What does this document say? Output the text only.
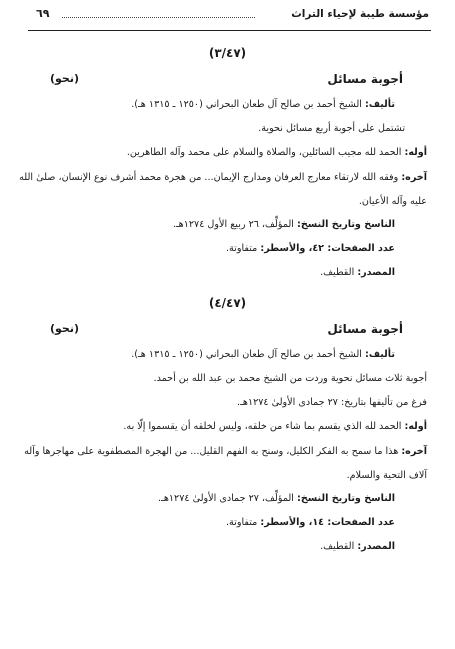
مؤسسة طيبة لإحياء التراث
٦٩
(٣/٤٧)
أجوبة مسائل
(نحو)
تأليف: الشيخ أحمد بن صالح آل طعان البحراني (١٢٥٠ ـ ١٣١٥ هـ).
تشتمل على أجوبة أربع مسائل نحوية.
أوله: الحمد لله مجيب السائلين، والصلاة والسلام على محمد وآله الطاهرين.
آخره: وفقه الله لارتقاء معارج العرفان ومدارج الإيمان... من هجرة محمد أشرف نوع الإنسان، صلىٰ الله عليه وآله الأعيان.
الناسخ وتاريخ النسخ: المؤلِّف، ٢٦ ربيع الأول ١٢٧٤هـ.
عدد الصفحات: ٤٢، والأسطر: متفاوتة.
المصدر: القطيف.
(٤/٤٧)
أجوبة مسائل
(نحو)
تأليف: الشيخ أحمد بن صالح آل طعان البحراني (١٢٥٠ ـ ١٣١٥ هـ).
أجوبة ثلاث مسائل نحوية وردت من الشيخ محمد بن عبد الله بن أحمد.
فرغ من تأليفها بتاريخ: ٢٧ جمادى الأولىٰ ١٢٧٤هـ.
أوله: الحمد لله الذي يقسم بما شاء من خلقه، وليس لخلقه أن يقسموا إلّا به.
آخره: هذا ما سمح به الفكر الكليل، وسنح به الفهم القليل... من الهجرة المصطفوية على مهاجرها وآله آلاف التحية والسلام.
الناسخ وتاريخ النسخ: المؤلِّف، ٢٧ جمادى الأولىٰ ١٢٧٤هـ.
عدد الصفحات: ١٤، والأسطر: متفاوتة.
المصدر: القطيف.
